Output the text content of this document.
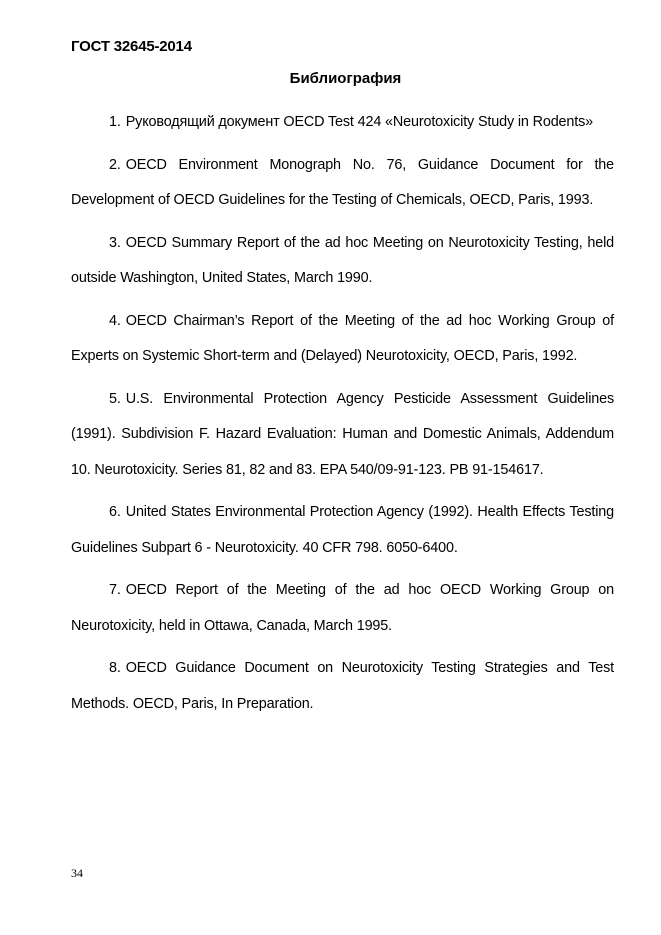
ГОСТ 32645-2014
Библиография

1. Руководящий документ OECD Test 424 «Neurotoxicity Study in Rodents»

2. OECD Environment Monograph No. 76, Guidance Document for the Development of OECD Guidelines for the Testing of Chemicals, OECD, Paris, 1993.

3. OECD Summary Report of the ad hoc Meeting on Neurotoxicity Testing, held outside Washington, United States, March 1990.

4. OECD Chairman’s Report of the Meeting of the ad hoc Working Group of Experts on Systemic Short-term and (Delayed) Neurotoxicity, OECD, Paris, 1992.

5. U.S. Environmental Protection Agency Pesticide Assessment Guidelines (1991). Subdivision F. Hazard Evaluation: Human and Domestic Animals, Addendum 10. Neurotoxicity. Series 81, 82 and 83. EPA 540/09-91-123. PB 91-154617.

6. United States Environmental Protection Agency (1992). Health Effects Testing Guidelines Subpart 6 - Neurotoxicity. 40 CFR 798. 6050-6400.

7. OECD Report of the Meeting of the ad hoc OECD Working Group on Neurotoxicity, held in Ottawa, Canada, March 1995.

8. OECD Guidance Document on Neurotoxicity Testing Strategies and Test Methods. OECD, Paris, In Preparation.

34
